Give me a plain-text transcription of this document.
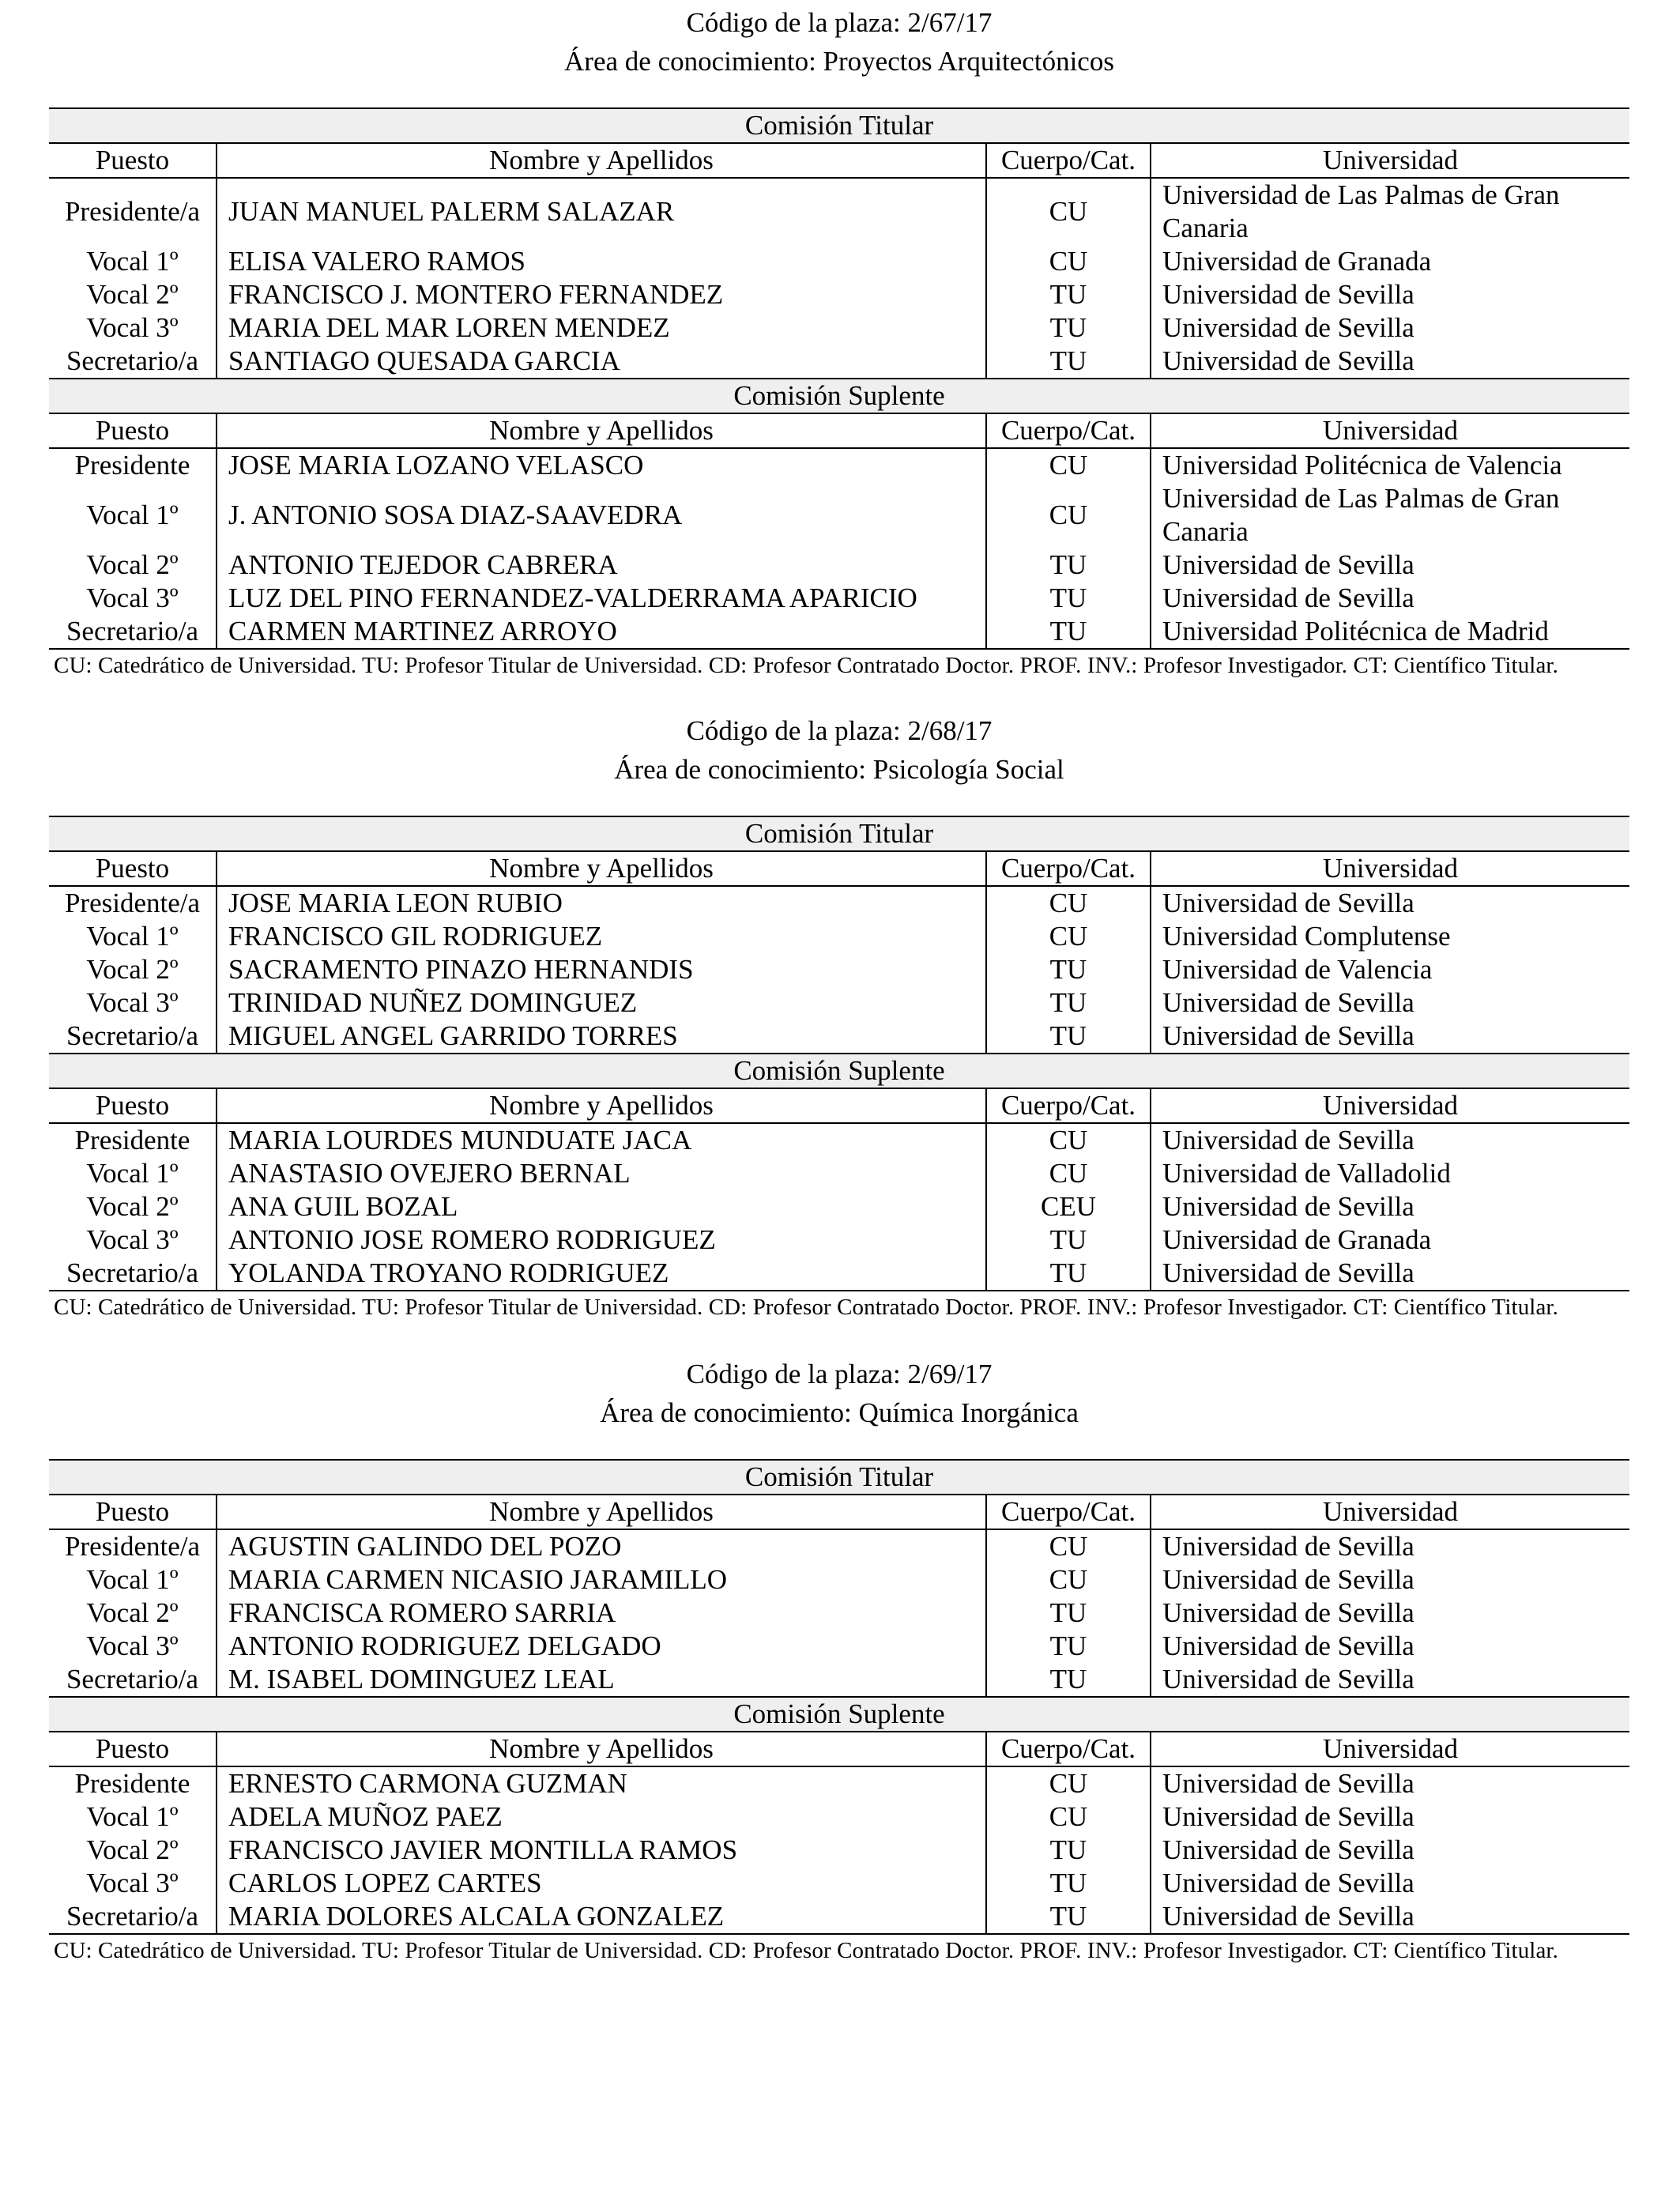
Código de la plaza: 2/67/17
Área de conocimiento: Proyectos Arquitectónicos
Comisión Titular			
Puesto	Nombre y Apellidos	Cuerpo/Cat.	Universidad
Presidente/a	JUAN MANUEL PALERM SALAZAR	CU	Universidad de Las Palmas de Gran Canaria
Vocal 1º	ELISA VALERO RAMOS	CU	Universidad de Granada
Vocal 2º	FRANCISCO J. MONTERO FERNANDEZ	TU	Universidad de Sevilla
Vocal 3º	MARIA DEL MAR LOREN MENDEZ	TU	Universidad de Sevilla
Secretario/a	SANTIAGO QUESADA GARCIA	TU	Universidad de Sevilla
Comisión Suplente			
Puesto	Nombre y Apellidos	Cuerpo/Cat.	Universidad
Presidente	JOSE MARIA LOZANO VELASCO	CU	Universidad Politécnica de Valencia
Vocal 1º	J. ANTONIO SOSA DIAZ-SAAVEDRA	CU	Universidad de Las Palmas de Gran Canaria
Vocal 2º	ANTONIO TEJEDOR CABRERA	TU	Universidad de Sevilla
Vocal 3º	LUZ DEL PINO FERNANDEZ-VALDERRAMA APARICIO	TU	Universidad de Sevilla
Secretario/a	CARMEN MARTINEZ ARROYO	TU	Universidad Politécnica de Madrid
CU: Catedrático de Universidad. TU: Profesor Titular de Universidad. CD: Profesor Contratado Doctor. PROF. INV.: Profesor Investigador. CT: Científico Titular.
Código de la plaza: 2/68/17
Área de conocimiento: Psicología Social
Comisión Titular			
Puesto	Nombre y Apellidos	Cuerpo/Cat.	Universidad
Presidente/a	JOSE MARIA LEON RUBIO	CU	Universidad de Sevilla
Vocal 1º	FRANCISCO GIL RODRIGUEZ	CU	Universidad Complutense
Vocal 2º	SACRAMENTO PINAZO HERNANDIS	TU	Universidad de Valencia
Vocal 3º	TRINIDAD NUÑEZ DOMINGUEZ	TU	Universidad de Sevilla
Secretario/a	MIGUEL ANGEL GARRIDO TORRES	TU	Universidad de Sevilla
Comisión Suplente			
Puesto	Nombre y Apellidos	Cuerpo/Cat.	Universidad
Presidente	MARIA LOURDES MUNDUATE JACA	CU	Universidad de Sevilla
Vocal 1º	ANASTASIO OVEJERO BERNAL	CU	Universidad de Valladolid
Vocal 2º	ANA GUIL BOZAL	CEU	Universidad de Sevilla
Vocal 3º	ANTONIO JOSE ROMERO RODRIGUEZ	TU	Universidad de Granada
Secretario/a	YOLANDA TROYANO RODRIGUEZ	TU	Universidad de Sevilla
CU: Catedrático de Universidad. TU: Profesor Titular de Universidad. CD: Profesor Contratado Doctor. PROF. INV.: Profesor Investigador. CT: Científico Titular.
Código de la plaza: 2/69/17
Área de conocimiento: Química Inorgánica
Comisión Titular			
Puesto	Nombre y Apellidos	Cuerpo/Cat.	Universidad
Presidente/a	AGUSTIN GALINDO DEL POZO	CU	Universidad de Sevilla
Vocal 1º	MARIA CARMEN NICASIO JARAMILLO	CU	Universidad de Sevilla
Vocal 2º	FRANCISCA ROMERO SARRIA	TU	Universidad de Sevilla
Vocal 3º	ANTONIO RODRIGUEZ DELGADO	TU	Universidad de Sevilla
Secretario/a	M. ISABEL DOMINGUEZ LEAL	TU	Universidad de Sevilla
Comisión Suplente			
Puesto	Nombre y Apellidos	Cuerpo/Cat.	Universidad
Presidente	ERNESTO CARMONA GUZMAN	CU	Universidad de Sevilla
Vocal 1º	ADELA MUÑOZ PAEZ	CU	Universidad de Sevilla
Vocal 2º	FRANCISCO JAVIER MONTILLA RAMOS	TU	Universidad de Sevilla
Vocal 3º	CARLOS LOPEZ CARTES	TU	Universidad de Sevilla
Secretario/a	MARIA DOLORES ALCALA GONZALEZ	TU	Universidad de Sevilla
CU: Catedrático de Universidad. TU: Profesor Titular de Universidad. CD: Profesor Contratado Doctor. PROF. INV.: Profesor Investigador. CT: Científico Titular.
